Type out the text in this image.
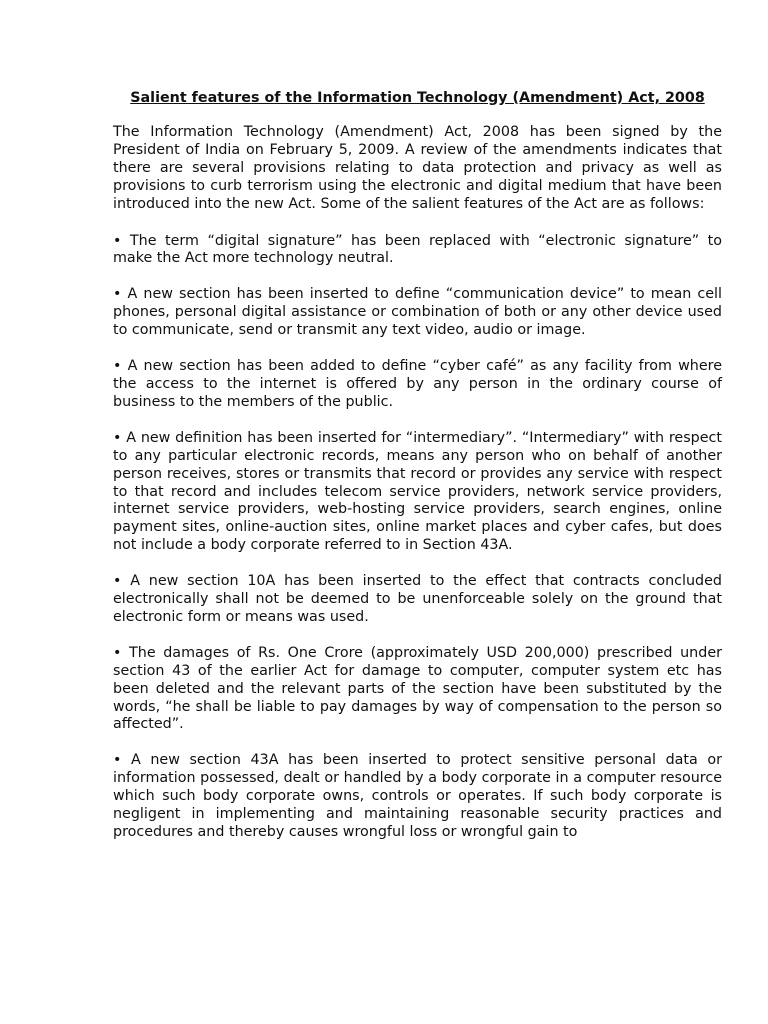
Salient features of the Information Technology (Amendment) Act, 2008
The Information Technology (Amendment) Act, 2008 has been signed by the President of India on February 5, 2009. A review of the amendments indicates that there are several provisions relating to data protection and privacy as well as provisions to curb terrorism using the electronic and digital medium that have been introduced into the new Act. Some of the salient features of the Act are as follows:
• The term “digital signature” has been replaced with “electronic signature” to make the Act more technology neutral.
• A new section has been inserted to define “communication device” to mean cell phones, personal digital assistance or combination of both or any other device used to communicate, send or transmit any text video, audio or image.
• A new section has been added to define “cyber café” as any facility from where the access to the internet is offered by any person in the ordinary course of business to the members of the public.
• A new definition has been inserted for “intermediary”. “Intermediary” with respect to any particular electronic records, means any person who on behalf of another person receives, stores or transmits that record or provides any service with respect to that record and includes telecom service providers, network service providers, internet service providers, web-hosting service providers, search engines, online payment sites, online-auction sites, online market places and cyber cafes, but does not include a body corporate referred to in Section 43A.
• A new section 10A has been inserted to the effect that contracts concluded electronically shall not be deemed to be unenforceable solely on the ground that electronic form or means was used.
• The damages of Rs. One Crore (approximately USD 200,000) prescribed under section 43 of the earlier Act for damage to computer, computer system etc has been deleted and the relevant parts of the section have been substituted by the words, “he shall be liable to pay damages by way of compensation to the person so affected”.
• A new section 43A has been inserted to protect sensitive personal data or information possessed, dealt or handled by a body corporate in a computer resource which such body corporate owns, controls or operates. If such body corporate is negligent in implementing and maintaining reasonable security practices and procedures and thereby causes wrongful loss or wrongful gain to
